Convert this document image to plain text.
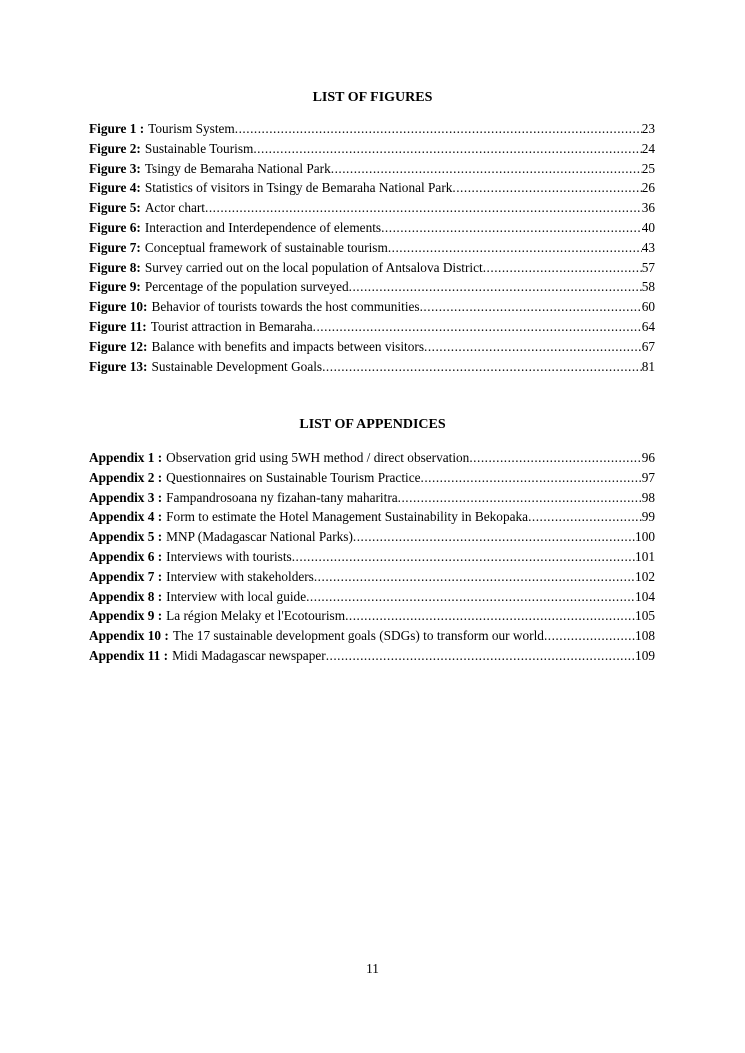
LIST OF FIGURES
Figure 1 : Tourism System .....	23
Figure 2: Sustainable Tourism .....	24
Figure 3: Tsingy de Bemaraha National Park .....	25
Figure 4: Statistics of visitors in Tsingy de Bemaraha National Park .....	26
Figure 5: Actor chart .....	36
Figure 6: Interaction and Interdependence of elements .....	40
Figure 7: Conceptual framework of sustainable tourism .....	43
Figure 8: Survey carried out on the local population of Antsalova District .....	57
Figure 9: Percentage of the population surveyed .....	58
Figure 10: Behavior of tourists towards the host communities .....	60
Figure 11: Tourist attraction in Bemaraha .....	64
Figure 12: Balance with benefits and impacts between visitors .....	67
Figure 13: Sustainable Development Goals .....	81
LIST OF APPENDICES
Appendix 1 : Observation grid using 5WH method / direct observation .....	96
Appendix 2 : Questionnaires on Sustainable Tourism Practice .....	97
Appendix 3 : Fampandrosoana ny fizahan-tany maharitra .....	98
Appendix 4 : Form to estimate the Hotel Management Sustainability in Bekopaka .....	99
Appendix 5 : MNP (Madagascar National Parks) .....	100
Appendix 6 : Interviews with tourists .....	101
Appendix 7 : Interview with stakeholders .....	102
Appendix 8 : Interview with local guide .....	104
Appendix 9 : La région Melaky et l'Ecotourism .....	105
Appendix 10 : The 17 sustainable development goals (SDGs) to transform our world .....	108
Appendix 11 : Midi Madagascar newspaper .....	109
11
